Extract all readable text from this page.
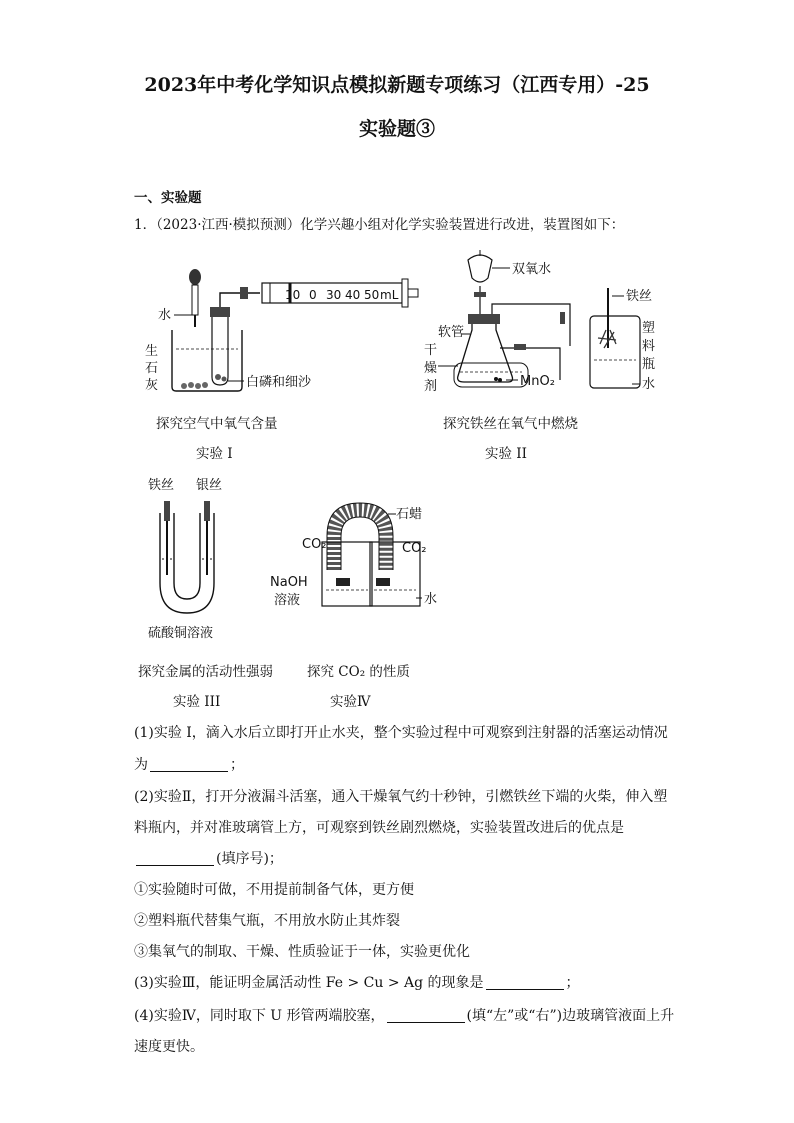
2023年中考化学知识点模拟新题专项练习（江西专用）-25
实验题③
一、实验题
1．（2023·江西·模拟预测）化学兴趣小组对化学实验装置进行改进，装置图如下：
10 0 30 40 50 mL
水
生
石
灰	白磷和细沙
探究空气中氧气含量
实验 I
双氧水
铁丝
软管
干
燥
剂	MnO₂
塑
料
瓶
水
探究铁丝在氧气中燃烧
实验 II
铁丝 银丝
硫酸铜溶液
探究金属的活动性强弱
实验 III
石蜡
CO₂	CO₂
NaOH
溶液	水
探究 CO₂ 的性质
实验Ⅳ
(1)实验 I，滴入水后立即打开止水夹，整个实验过程中可观察到注射器的活塞运动情况
为	；
(2)实验Ⅱ，打开分液漏斗活塞，通入干燥氧气约十秒钟，引燃铁丝下端的火柴，伸入塑
料瓶内，并对准玻璃管上方，可观察到铁丝剧烈燃烧，实验装置改进后的优点是
(填序号)；
①实验随时可做，不用提前制备气体，更方便
②塑料瓶代替集气瓶，不用放水防止其炸裂
③集氧气的制取、干燥、性质验证于一体，实验更优化
(3)实验Ⅲ，能证明金属活动性 Fe > Cu > Ag 的现象是	；
(4)实验Ⅳ，同时取下 U 形管两端胶塞，	(填“左”或“右”)边玻璃管液面上升
速度更快。
